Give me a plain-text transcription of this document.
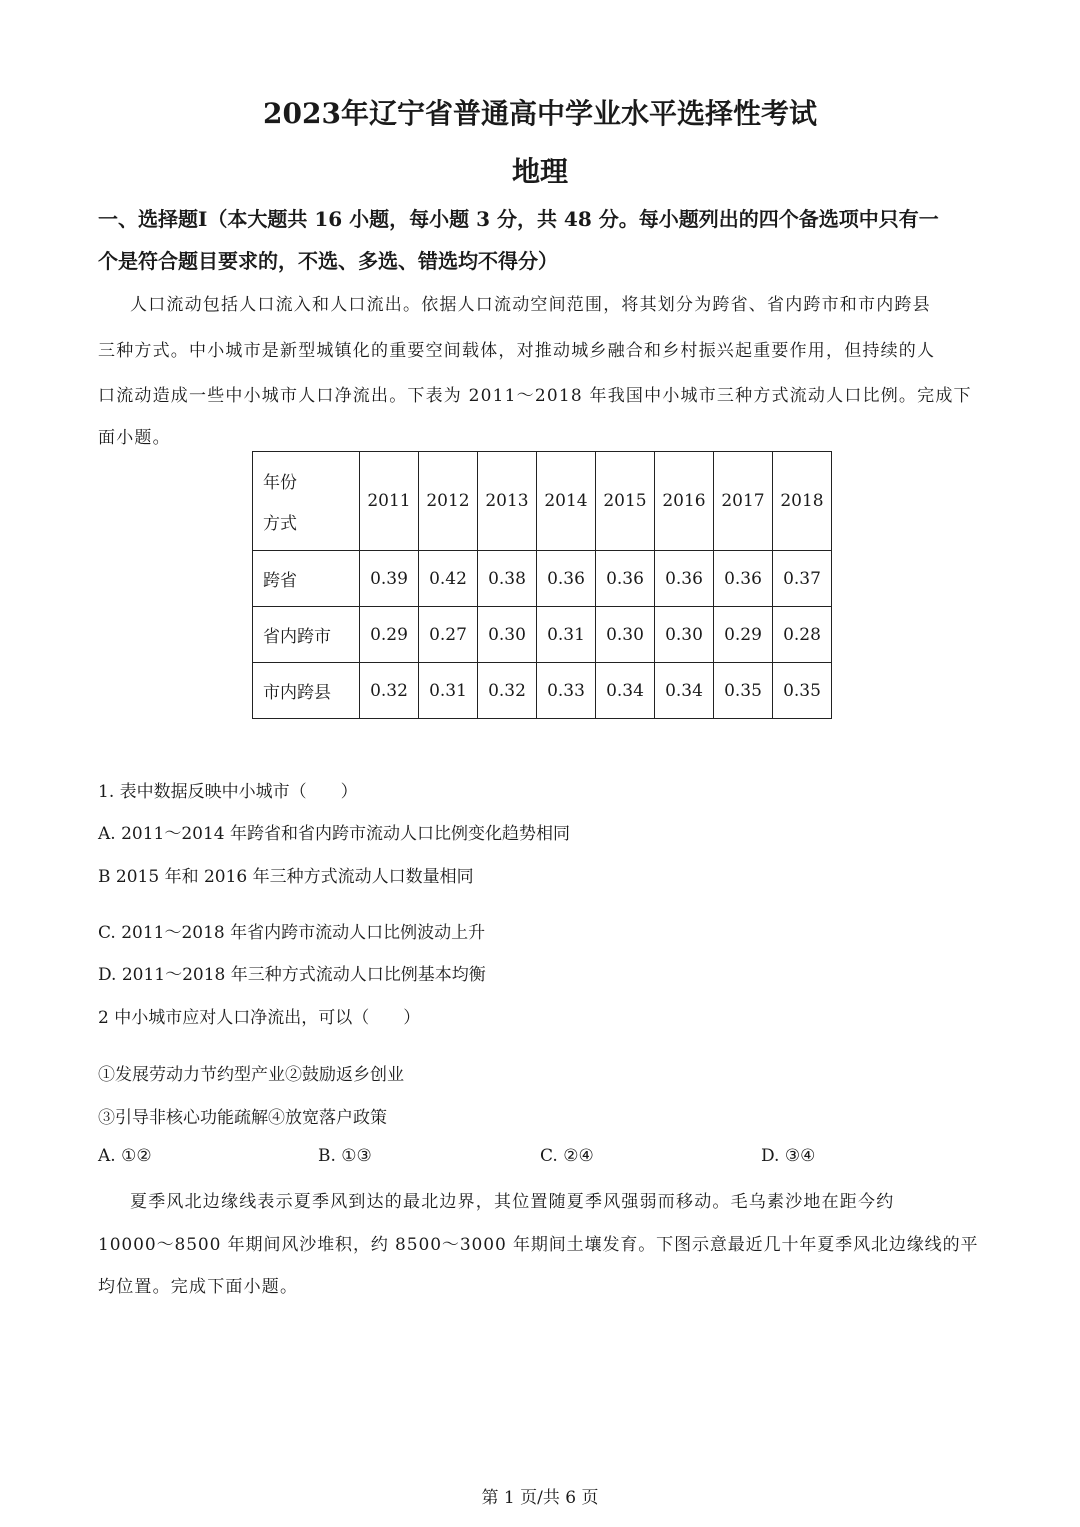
2023年辽宁省普通高中学业水平选择性考试
地理
一、选择题Ⅰ（本大题共 16 小题，每小题 3 分，共 48 分。每小题列出的四个备选项中只有一
个是符合题目要求的，不选、多选、错选均不得分）
人口流动包括人口流入和人口流出。依据人口流动空间范围，将其划分为跨省、省内跨市和市内跨县
三种方式。中小城市是新型城镇化的重要空间载体，对推动城乡融合和乡村振兴起重要作用，但持续的人
口流动造成一些中小城市人口净流出。下表为 2011～2018 年我国中小城市三种方式流动人口比例。完成下
面小题。
年份
方式	2011	2012	2013	2014	2015	2016	2017	2018
跨省	0.39	0.42	0.38	0.36	0.36	0.36	0.36	0.37
省内跨市	0.29	0.27	0.30	0.31	0.30	0.30	0.29	0.28
市内跨县	0.32	0.31	0.32	0.33	0.34	0.34	0.35	0.35
1. 表中数据反映中小城市（　　）
A. 2011～2014 年跨省和省内跨市流动人口比例变化趋势相同
B 2015 年和 2016 年三种方式流动人口数量相同
C. 2011～2018 年省内跨市流动人口比例波动上升
D. 2011～2018 年三种方式流动人口比例基本均衡
2 中小城市应对人口净流出，可以（　　）
①发展劳动力节约型产业②鼓励返乡创业
③引导非核心功能疏解④放宽落户政策
A. ①②	B. ①③	C. ②④	D. ③④
夏季风北边缘线表示夏季风到达的最北边界，其位置随夏季风强弱而移动。毛乌素沙地在距今约
10000～8500 年期间风沙堆积，约 8500～3000 年期间土壤发育。下图示意最近几十年夏季风北边缘线的平
均位置。完成下面小题。
第 1 页/共 6 页
